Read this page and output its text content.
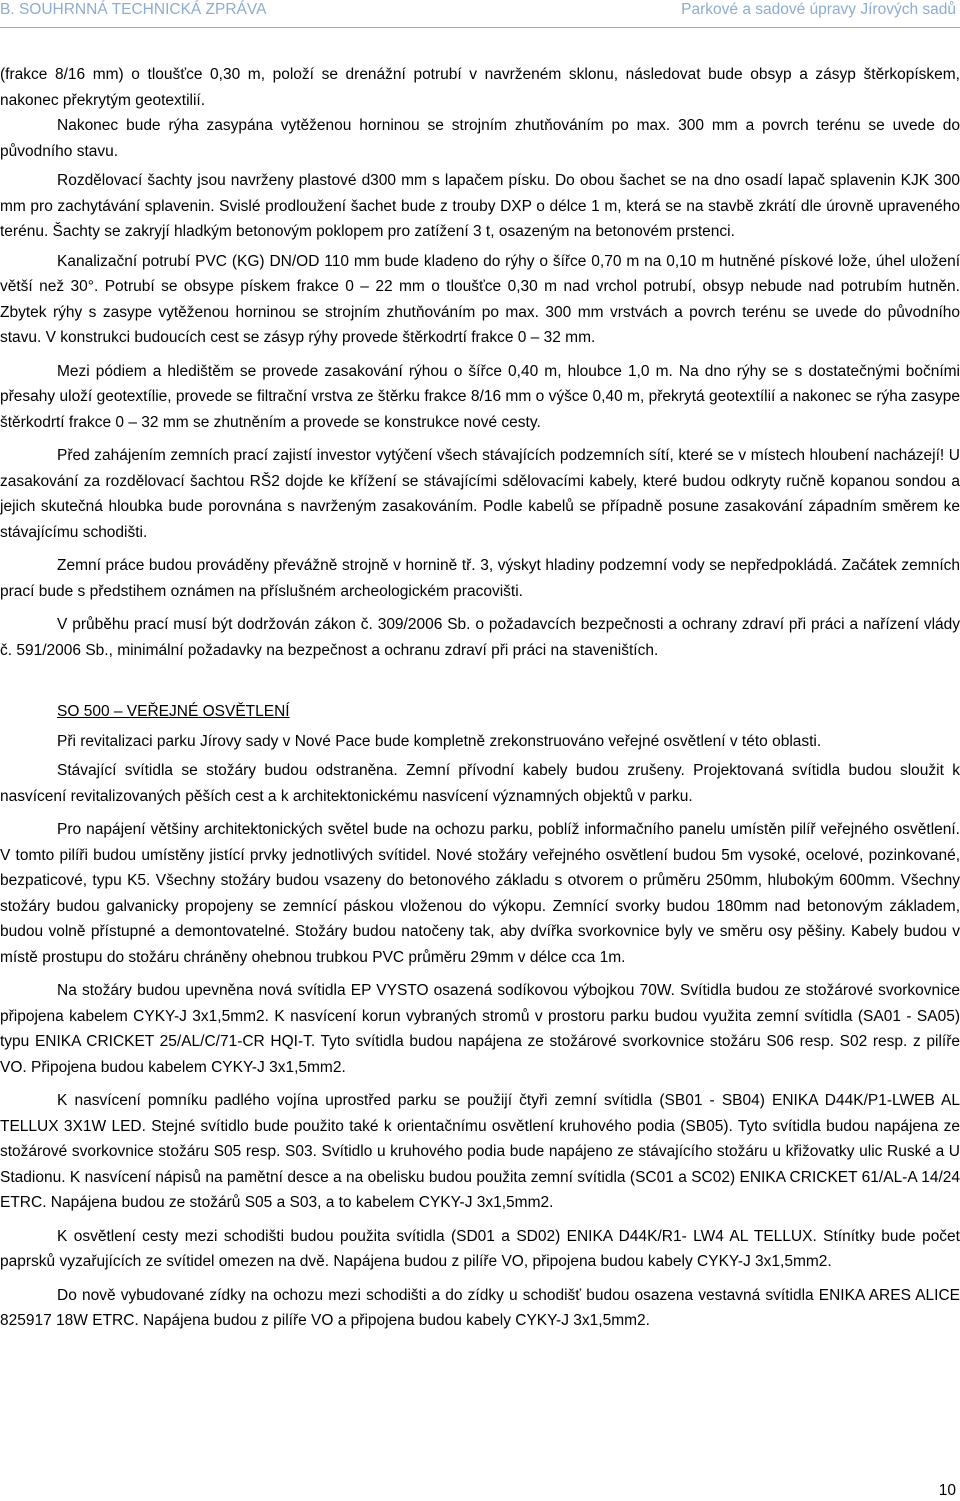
B. SOUHRNNÁ TECHNICKÁ ZPRÁVA	Parkové a sadové úpravy Jírových sadů

(frakce 8/16 mm) o tloušťce 0,30 m, položí se drenážní potrubí v navrženém sklonu, následovat bude obsyp a zásyp štěrkopískem, nakonec překrytým geotextilií.

Nakonec bude rýha zasypána vytěženou horninou se strojním zhutňováním po max. 300 mm a povrch terénu se uvede do původního stavu.

Rozdělovací šachty jsou navrženy plastové d300 mm s lapačem písku. Do obou šachet se na dno osadí lapač splavenin KJK 300 mm pro zachytávání splavenin. Svislé prodloužení šachet bude z trouby DXP o délce 1 m, která se na stavbě zkrátí dle úrovně upraveného terénu. Šachty se zakryjí hladkým betonovým poklopem pro zatížení 3 t, osazeným na betonovém prstenci.

Kanalizační potrubí PVC (KG) DN/OD 110 mm bude kladeno do rýhy o šířce 0,70 m na 0,10 m hutněné pískové lože, úhel uložení větší než 30°. Potrubí se obsype pískem frakce 0 – 22 mm o tloušťce 0,30 m nad vrchol potrubí, obsyp nebude nad potrubím hutněn. Zbytek rýhy s zasype vytěženou horninou se strojním zhutňováním po max. 300 mm vrstvách a povrch terénu se uvede do původního stavu. V konstrukci budoucích cest se zásyp rýhy provede štěrkodrtí frakce 0 – 32 mm.

Mezi pódiem a hledištěm se provede zasakování rýhou o šířce 0,40 m, hloubce 1,0 m. Na dno rýhy se s dostatečnými bočními přesahy uloží geotextílie, provede se filtrační vrstva ze štěrku frakce 8/16 mm o výšce 0,40 m, překrytá geotextílií a nakonec se rýha zasype štěrkodrtí frakce 0 – 32 mm se zhutněním a provede se konstrukce nové cesty.

Před zahájením zemních prací zajistí investor vytýčení všech stávajících podzemních sítí, které se v místech hloubení nacházejí! U zasakování za rozdělovací šachtou RŠ2 dojde ke křížení se stávajícími sdělovacími kabely, které budou odkryty ručně kopanou sondou a jejich skutečná hloubka bude porovnána s navrženým zasakováním. Podle kabelů se případně posune zasakování západním směrem ke stávajícímu schodišti.

Zemní práce budou prováděny převážně strojně v hornině tř. 3, výskyt hladiny podzemní vody se nepředpokládá. Začátek zemních prací bude s předstihem oznámen na příslušném archeologickém pracovišti.

V průběhu prací musí být dodržován zákon č. 309/2006 Sb. o požadavcích bezpečnosti a ochrany zdraví při práci a nařízení vlády č. 591/2006 Sb., minimální požadavky na bezpečnost a ochranu zdraví při práci na staveništích.

SO 500 – VEŘEJNÉ OSVĚTLENÍ

Při revitalizaci parku Jírovy sady v Nové Pace bude kompletně zrekonstruováno veřejné osvětlení v této oblasti.

Stávající svítidla se stožáry budou odstraněna. Zemní přívodní kabely budou zrušeny. Projektovaná svítidla budou sloužit k nasvícení revitalizovaných pěších cest a k architektonickému nasvícení významných objektů v parku.

Pro napájení většiny architektonických světel bude na ochozu parku, poblíž informačního panelu umístěn pilíř veřejného osvětlení. V tomto pilíři budou umístěny jistící prvky jednotlivých svítidel. Nové stožáry veřejného osvětlení budou 5m vysoké, ocelové, pozinkované, bezpaticové, typu K5. Všechny stožáry budou vsazeny do betonového základu s otvorem o průměru 250mm, hlubokým 600mm. Všechny stožáry budou galvanicky propojeny se zemnící páskou vloženou do výkopu. Zemnící svorky budou 180mm nad betonovým základem, budou volně přístupné a demontovatelné. Stožáry budou natočeny tak, aby dvířka svorkovnice byly ve směru osy pěšiny. Kabely budou v místě prostupu do stožáru chráněny ohebnou trubkou PVC průměru 29mm v délce cca 1m.

Na stožáry budou upevněna nová svítidla EP VYSTO osazená sodíkovou výbojkou 70W. Svítidla budou ze stožárové svorkovnice připojena kabelem CYKY-J 3x1,5mm2. K nasvícení korun vybraných stromů v prostoru parku budou využita zemní svítidla (SA01 - SA05) typu ENIKA CRICKET 25/AL/C/71-CR HQI-T. Tyto svítidla budou napájena ze stožárové svorkovnice stožáru S06 resp. S02 resp. z pilíře VO. Připojena budou kabelem CYKY-J 3x1,5mm2.

K nasvícení pomníku padlého vojína uprostřed parku se použijí čtyři zemní svítidla (SB01 - SB04) ENIKA D44K/P1-LWEB AL TELLUX 3X1W LED. Stejné svítidlo bude použito také k orientačnímu osvětlení kruhového podia (SB05). Tyto svítidla budou napájena ze stožárové svorkovnice stožáru S05 resp. S03. Svítidlo u kruhového podia bude napájeno ze stávajícího stožáru u křižovatky ulic Ruské a U Stadionu. K nasvícení nápisů na pamětní desce a na obelisku budou použita zemní svítidla (SC01 a SC02) ENIKA CRICKET 61/AL-A 14/24 ETRC. Napájena budou ze stožárů S05 a S03, a to kabelem CYKY-J 3x1,5mm2.

K osvětlení cesty mezi schodišti budou použita svítidla (SD01 a SD02) ENIKA D44K/R1- LW4 AL TELLUX. Stínítky bude počet paprsků vyzařujících ze svítidel omezen na dvě. Napájena budou z pilíře VO, připojena budou kabely CYKY-J 3x1,5mm2.

Do nově vybudované zídky na ochozu mezi schodišti a do zídky u schodišť budou osazena vestavná svítidla ENIKA ARES ALICE 825917 18W ETRC. Napájena budou z pilíře VO a připojena budou kabely CYKY-J 3x1,5mm2.

10
